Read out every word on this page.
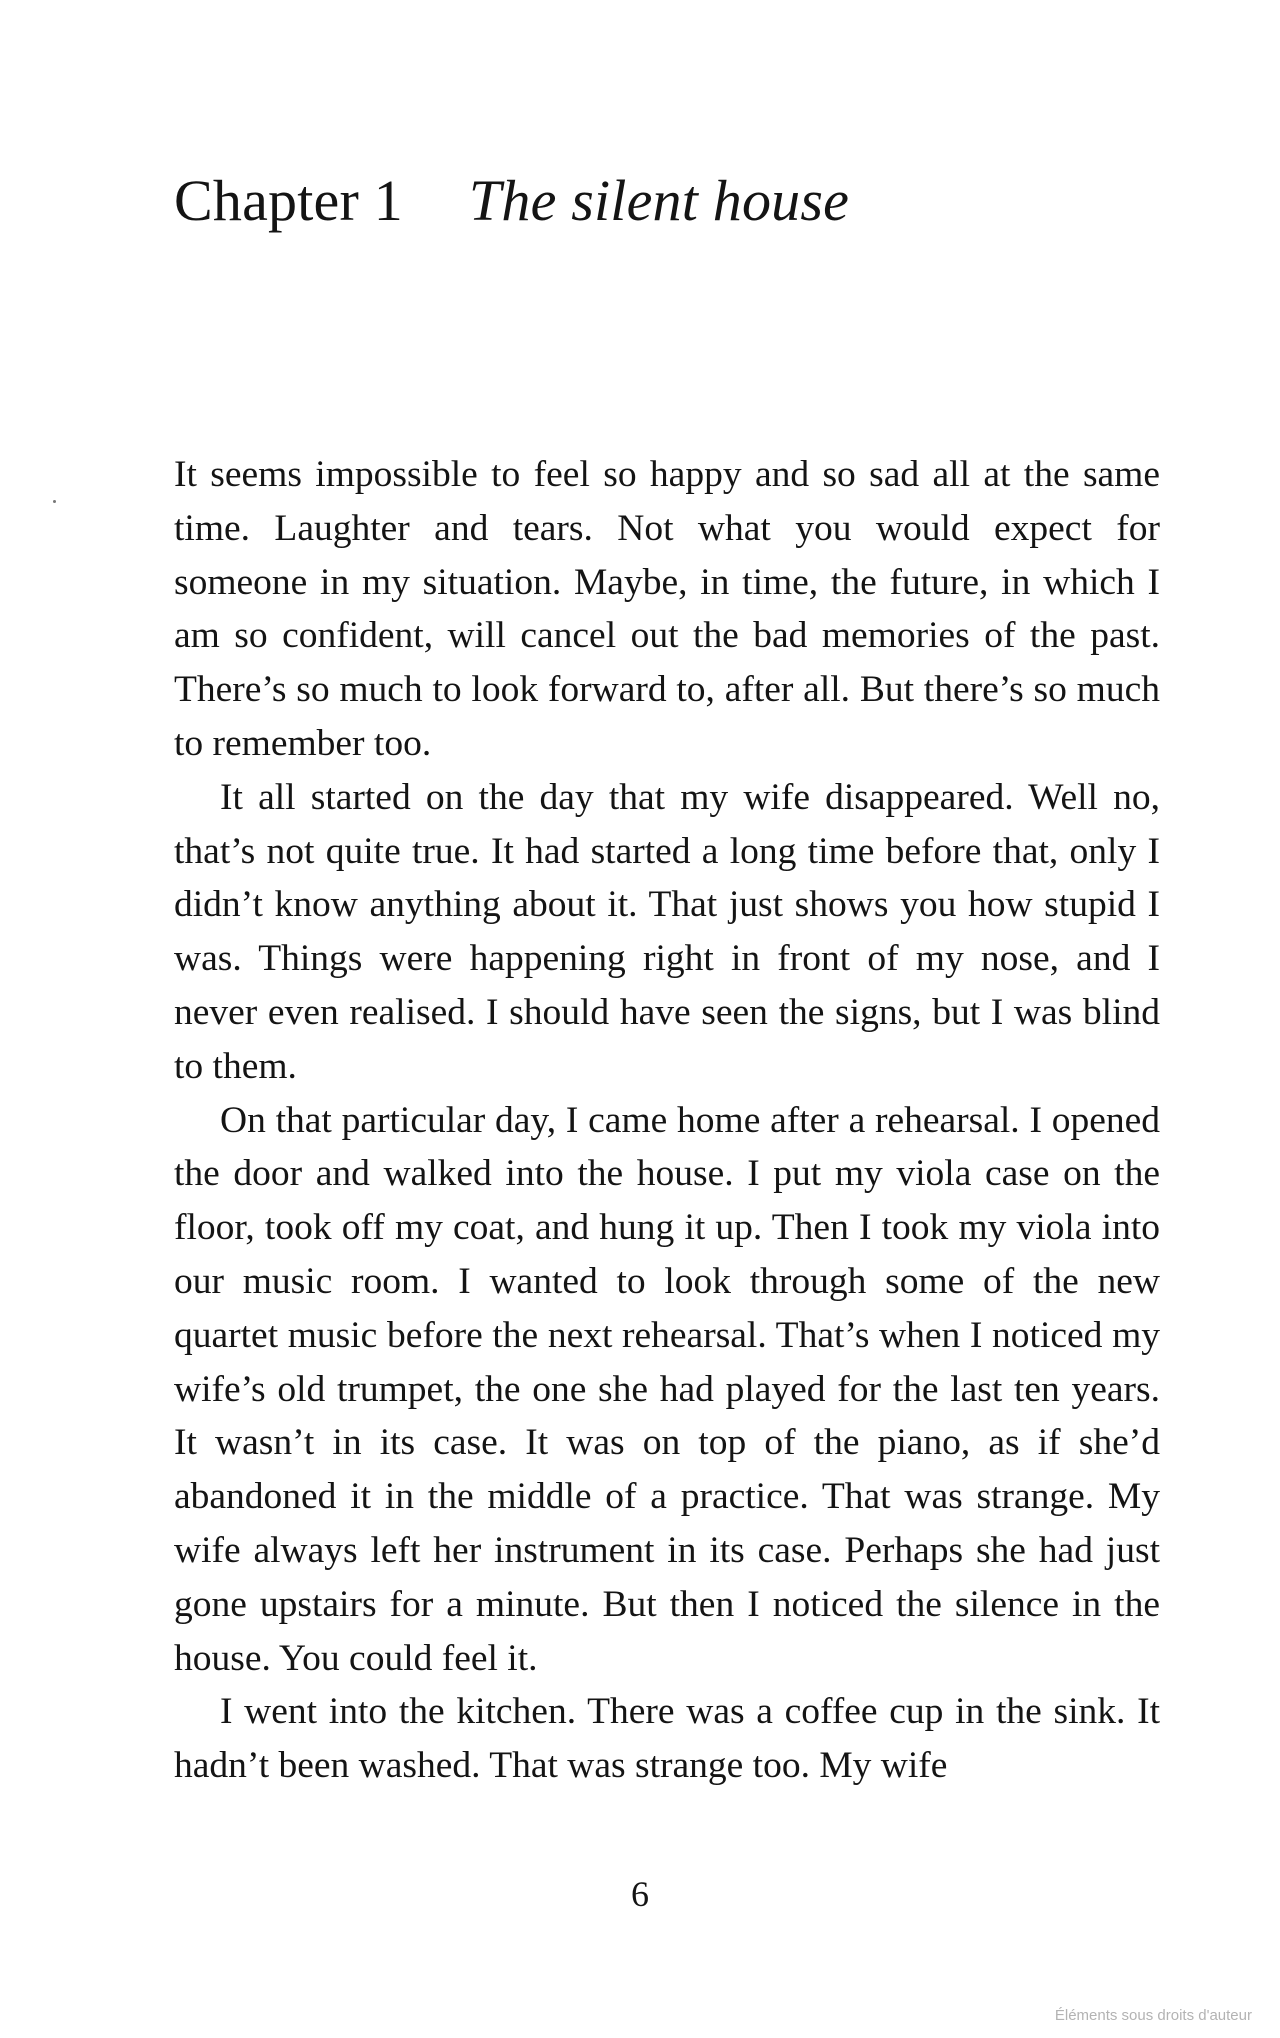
Chapter 1 The silent house

It seems impossible to feel so happy and so sad all at the same time. Laughter and tears. Not what you would expect for someone in my situation. Maybe, in time, the future, in which I am so confident, will cancel out the bad memories of the past. There’s so much to look forward to, after all. But there’s so much to remember too.

It all started on the day that my wife disappeared. Well no, that’s not quite true. It had started a long time before that, only I didn’t know anything about it. That just shows you how stupid I was. Things were happening right in front of my nose, and I never even realised. I should have seen the signs, but I was blind to them.

On that particular day, I came home after a rehearsal. I opened the door and walked into the house. I put my viola case on the floor, took off my coat, and hung it up. Then I took my viola into our music room. I wanted to look through some of the new quartet music before the next rehearsal. That’s when I noticed my wife’s old trumpet, the one she had played for the last ten years. It wasn’t in its case. It was on top of the piano, as if she’d abandoned it in the middle of a practice. That was strange. My wife always left her instrument in its case. Perhaps she had just gone upstairs for a minute. But then I noticed the silence in the house. You could feel it.

I went into the kitchen. There was a coffee cup in the sink. It hadn’t been washed. That was strange too. My wife

6
Éléments sous droits d'auteur
